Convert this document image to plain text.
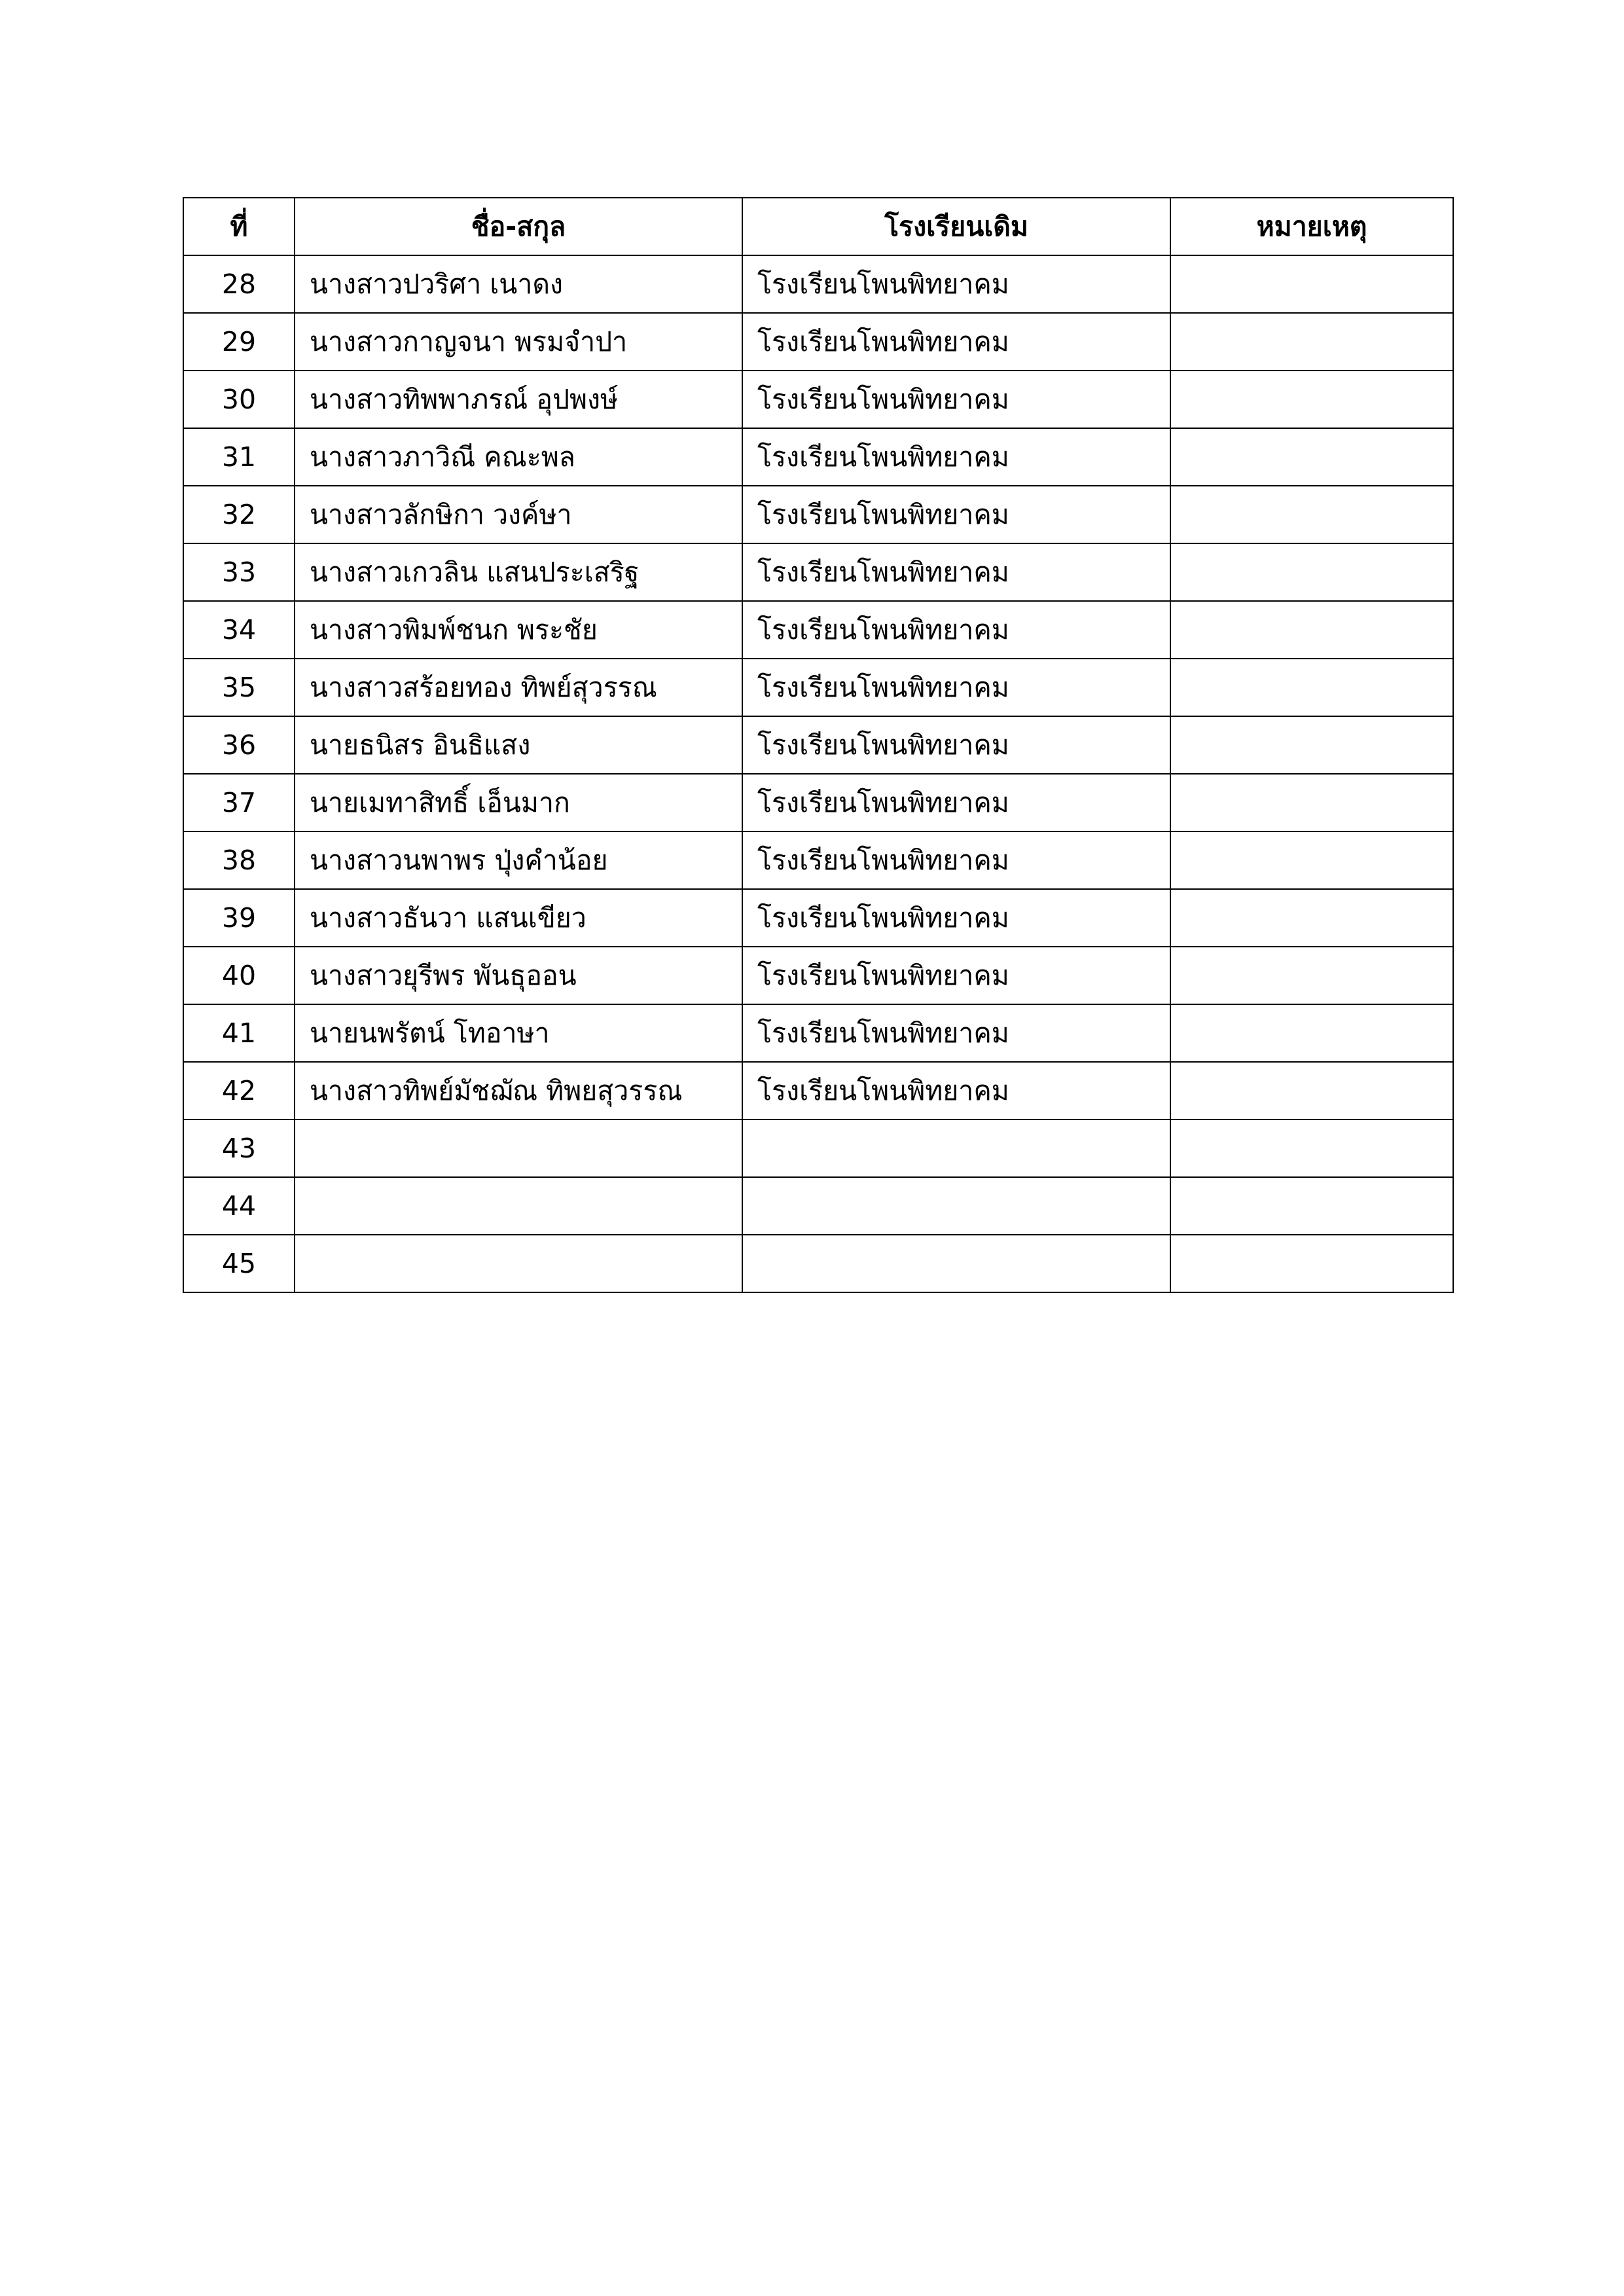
ที่	ชื่อ-สกุล	โรงเรียนเดิม	หมายเหตุ
28	นางสาวปวริศา เนาดง	โรงเรียนโพนพิทยาคม	
29	นางสาวกาญจนา พรมจำปา	โรงเรียนโพนพิทยาคม	
30	นางสาวทิพพาภรณ์ อุปพงษ์	โรงเรียนโพนพิทยาคม	
31	นางสาวภาวิณี คณะพล	โรงเรียนโพนพิทยาคม	
32	นางสาวลักษิกา วงค์ษา	โรงเรียนโพนพิทยาคม	
33	นางสาวเกวลิน แสนประเสริฐ	โรงเรียนโพนพิทยาคม	
34	นางสาวพิมพ์ชนก พระชัย	โรงเรียนโพนพิทยาคม	
35	นางสาวสร้อยทอง ทิพย์สุวรรณ	โรงเรียนโพนพิทยาคม	
36	นายธนิสร อินธิแสง	โรงเรียนโพนพิทยาคม	
37	นายเมทาสิทธิ์ เอ็นมาก	โรงเรียนโพนพิทยาคม	
38	นางสาวนพาพร ปุ่งคำน้อย	โรงเรียนโพนพิทยาคม	
39	นางสาวธันวา แสนเขียว	โรงเรียนโพนพิทยาคม	
40	นางสาวยุรีพร พันธุออน	โรงเรียนโพนพิทยาคม	
41	นายนพรัตน์ โทอาษา	โรงเรียนโพนพิทยาคม	
42	นางสาวทิพย์มัชฌัณ ทิพยสุวรรณ	โรงเรียนโพนพิทยาคม	
43			
44			
45			
